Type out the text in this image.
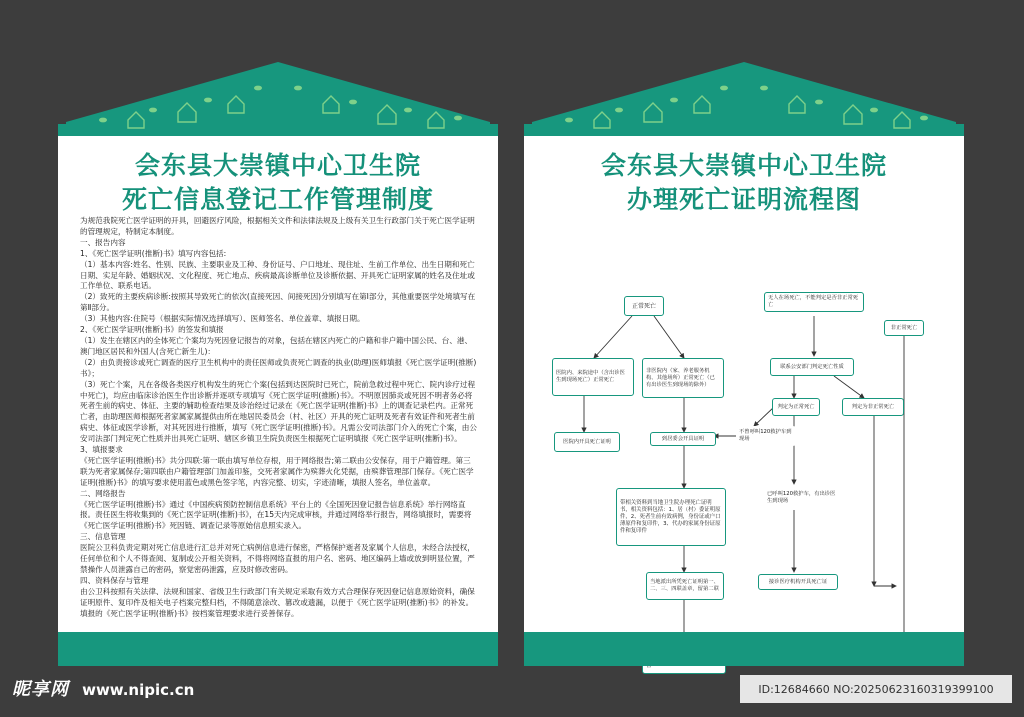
会东县大崇镇中心卫生院
死亡信息登记工作管理制度

为规范我院死亡医学证明的开具，回避医疗风险，根据相关文件和法律法规及上级有关卫生行政部门关于死亡医学证明的管理规定，特制定本制度。

一、报告内容

1、《死亡医学证明(推断)书》填写内容包括:

（1）基本内容:姓名、性别、民族、主要职业及工种、身份证号、户口地址、现住址、生前工作单位、出生日期和死亡日期、实足年龄、婚姻状况、文化程度、死亡地点、疾病最高诊断单位及诊断依据、开具死亡证明家属的姓名及住址或工作单位、联系电话。

（2）致死的主要疾病诊断:按照其导致死亡的依次(直接死因、间接死因)分别填写在第Ⅰ部分，其他重要医学处境填写在第Ⅱ部分。

（3）其他内容:住院号（根据实际情况选择填写）、医师签名、单位盖章、填报日期。

2、《死亡医学证明(推断)书》的签发和填报

（1）发生在辖区内的全体死亡个案均为死因登记报告的对象，包括在辖区内死亡的户籍和非户籍中国公民、台、港、澳门地区居民和外国人(含死亡新生儿)：

（2）由负责接诊或死亡调查的医疗卫生机构中的责任医师或负责死亡调查的执业(助理)医师填报《死亡医学证明(推断)书》；

（3）死亡个案，凡在各级各类医疗机构发生的死亡个案(包括到达医院时已死亡，院前急救过程中死亡、院内诊疗过程中死亡)，均应由临床诊治医生作出诊断并逐项专项填写《死亡医学证明(推断)书》。不明原因肺炎或死因不明者务必将死者生前的病史、体征、主要的辅助检查结果及诊治经过记录在《死亡医学证明(推断)书》上的调查记录栏内。正常死亡者，由助理医师根据死者家属家属提供由所在地居民委员会（村、社区）开具的死亡证明及死者有效证件和死者生前病史、体征或医学诊断，对其死因进行推断，填写《死亡医学证明(推断)书》。凡需公安司法部门介入的死亡个案，由公安司法部门判定死亡性质并出具死亡证明、辖区乡镇卫生院负责医生根据死亡证明填报《死亡医学证明(推断)书》。

3、填报要求

《死亡医学证明(推断)书》共分四联:第一联由填写单位存根，用于网络报告;第二联由公安保存，用于户籍管理。第三联为死者家属保存;第四联由户籍管理部门加盖印鉴，交死者家属作为殡葬火化凭据，由殡葬管理部门保存。《死亡医学证明(推断)书》的填写要求使用蓝色或黑色签字笔，内容完整、切实，字迹清晰，填报人签名，单位盖章。

二、网络报告

《死亡医学证明(推断)书》通过《中国疾病预防控制信息系统》平台上的《全国死因登记报告信息系统》举行网络直报。责任医生将收集到的《死亡医学证明(推断)书》，在15天内完成审核，并通过网络举行报告，网络填报时，需要将《死亡医学证明(推断)书》死因链、调查记录等原始信息照实录入。

三、信息管理

医院公卫科负责定期对死亡信息进行汇总并对死亡病例信息进行保密，严格保护逝者及家属个人信息，未经合法授权，任何单位和个人不得查阅、复制或公开相关资料，不得将网络直报的用户名、密码、地区编码上墙或放到明显位置，严禁操作人员泄露自己的密码，察觉密码泄露，应及时修改密码。

四、资料保存与管理

由公卫科按照有关法律、法规和国家、省级卫生行政部门有关规定采取有效方式合理保存死因登记信息原始资料，确保证明原件、复印件及相关电子档案完整归档，不得随意涂改、篡改或遗漏，以便于《死亡医学证明(推断)书》的补发。填报的《死亡医学证明(推断)书》按档案管理要求进行妥善保存。

会东县大崇镇中心卫生院
办理死亡证明流程图
正常死亡
无人在场死亡，不能判定是否非正常死亡
非正常死亡
医院内、来院途中（含出诊医生到现场死亡）正常死亡
非医院内（家、养老服务机构、其他场所）正常死亡（已有出诊医生到现场的除外）
联系公安部门判定死亡性质
判定为正常死亡	判定为非正常死亡
医院内开具死亡证明	到居委会开具证明
不曾呼叫120救护车到现场
带相关资料到当地卫生院办理死亡证明书，相关资料包括：1、居（村）委证明原件，2、死者生前有效病例，身份证或户口薄原件和复印件，3、代办的家属身份证原件和复印件
已呼叫120救护车，有出诊医生到现场
当地派出所凭死亡证明第一、二、三、四联盖章，留第二联
接诊医疗机构开具死亡证
昵享网 www.nipic.cn	ID:12684660 NO:20250623160319399100
